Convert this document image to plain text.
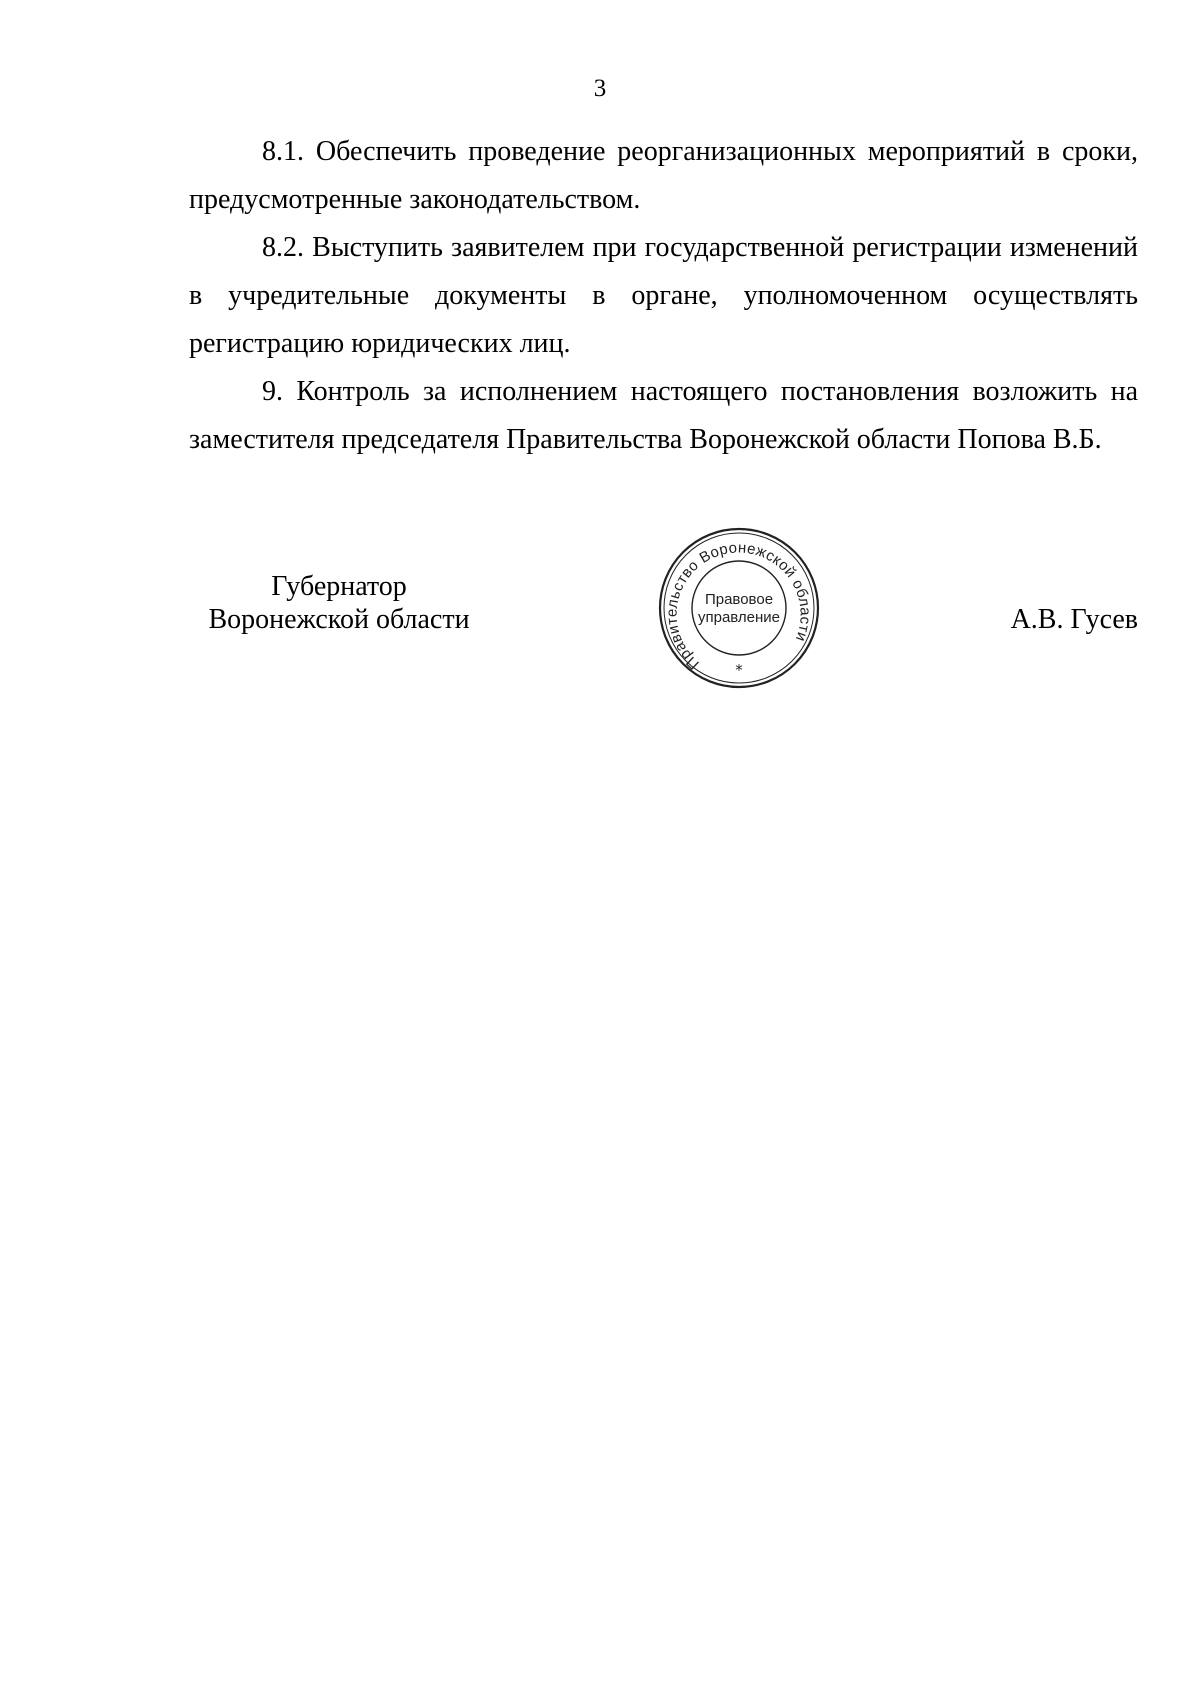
3

8.1. Обеспечить проведение реорганизационных мероприятий в сроки, предусмотренные законодательством.

8.2. Выступить заявителем при государственной регистрации изменений в учредительные документы в органе, уполномоченном осуществлять регистрацию юридических лиц.

9. Контроль за исполнением настоящего постановления возложить на заместителя председателя Правительства Воронежской области Попова В.Б.

Губернатор
Воронежской области
Правительство Воронежской области
Правовое
управление
*
А.В. Гусев
